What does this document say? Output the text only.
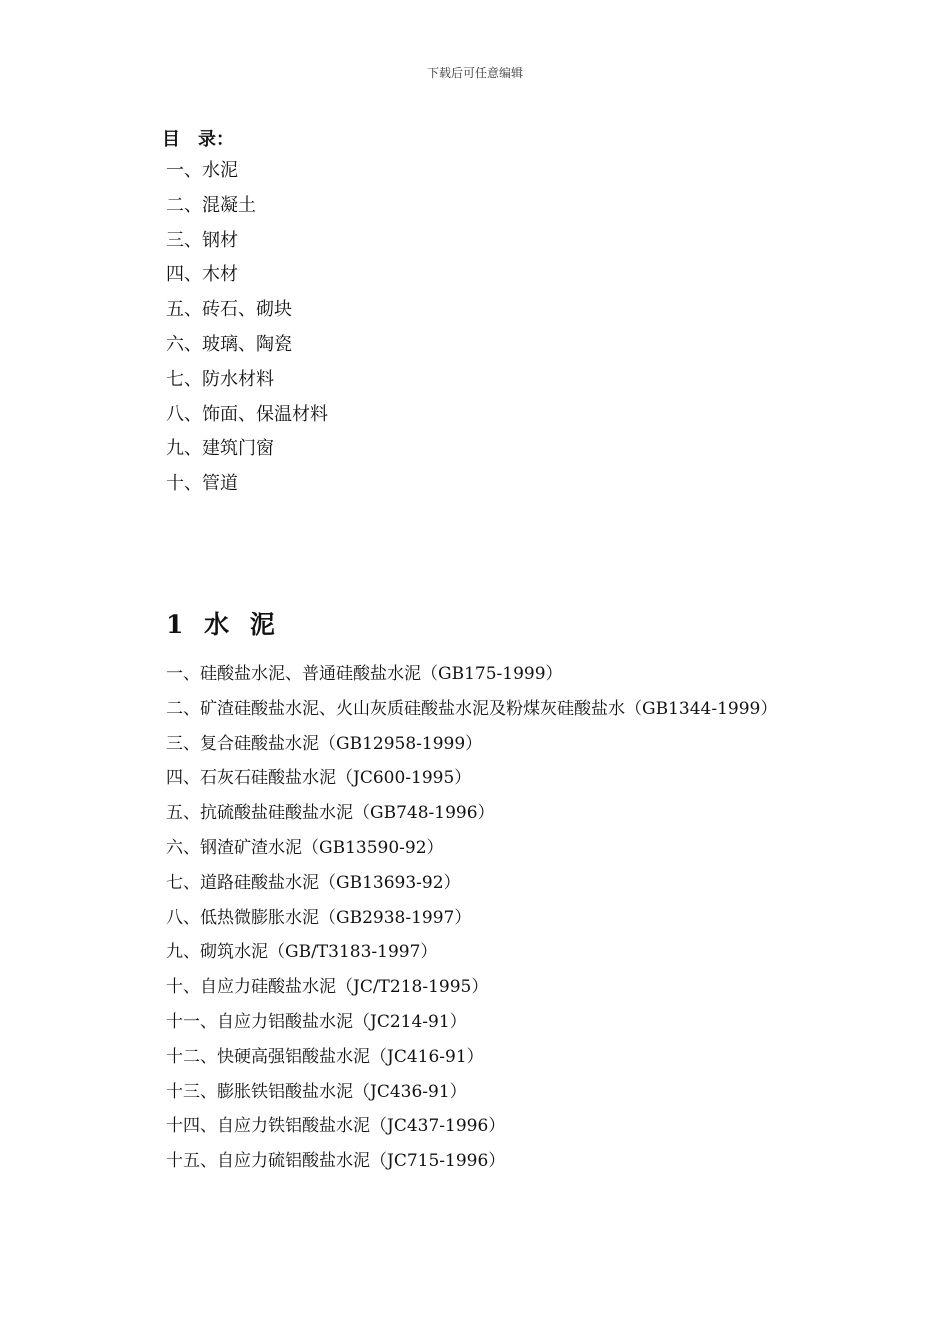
下载后可任意编辑
目　录：
一、水泥
二、混凝土
三、钢材
四、木材
五、砖石、砌块
六、玻璃、陶瓷
七、防水材料
八、饰面、保温材料
九、建筑门窗
十、管道
1 水 泥
一、硅酸盐水泥、普通硅酸盐水泥（GB175-1999）
二、矿渣硅酸盐水泥、火山灰质硅酸盐水泥及粉煤灰硅酸盐水（GB1344-1999）
三、复合硅酸盐水泥（GB12958-1999）
四、石灰石硅酸盐水泥（JC600-1995）
五、抗硫酸盐硅酸盐水泥（GB748-1996）
六、钢渣矿渣水泥（GB13590-92）
七、道路硅酸盐水泥（GB13693-92）
八、低热微膨胀水泥（GB2938-1997）
九、砌筑水泥（GB/T3183-1997）
十、自应力硅酸盐水泥（JC/T218-1995）
十一、自应力铝酸盐水泥（JC214-91）
十二、快硬高强铝酸盐水泥（JC416-91）
十三、膨胀铁铝酸盐水泥（JC436-91）
十四、自应力铁铝酸盐水泥（JC437-1996）
十五、自应力硫铝酸盐水泥（JC715-1996）
